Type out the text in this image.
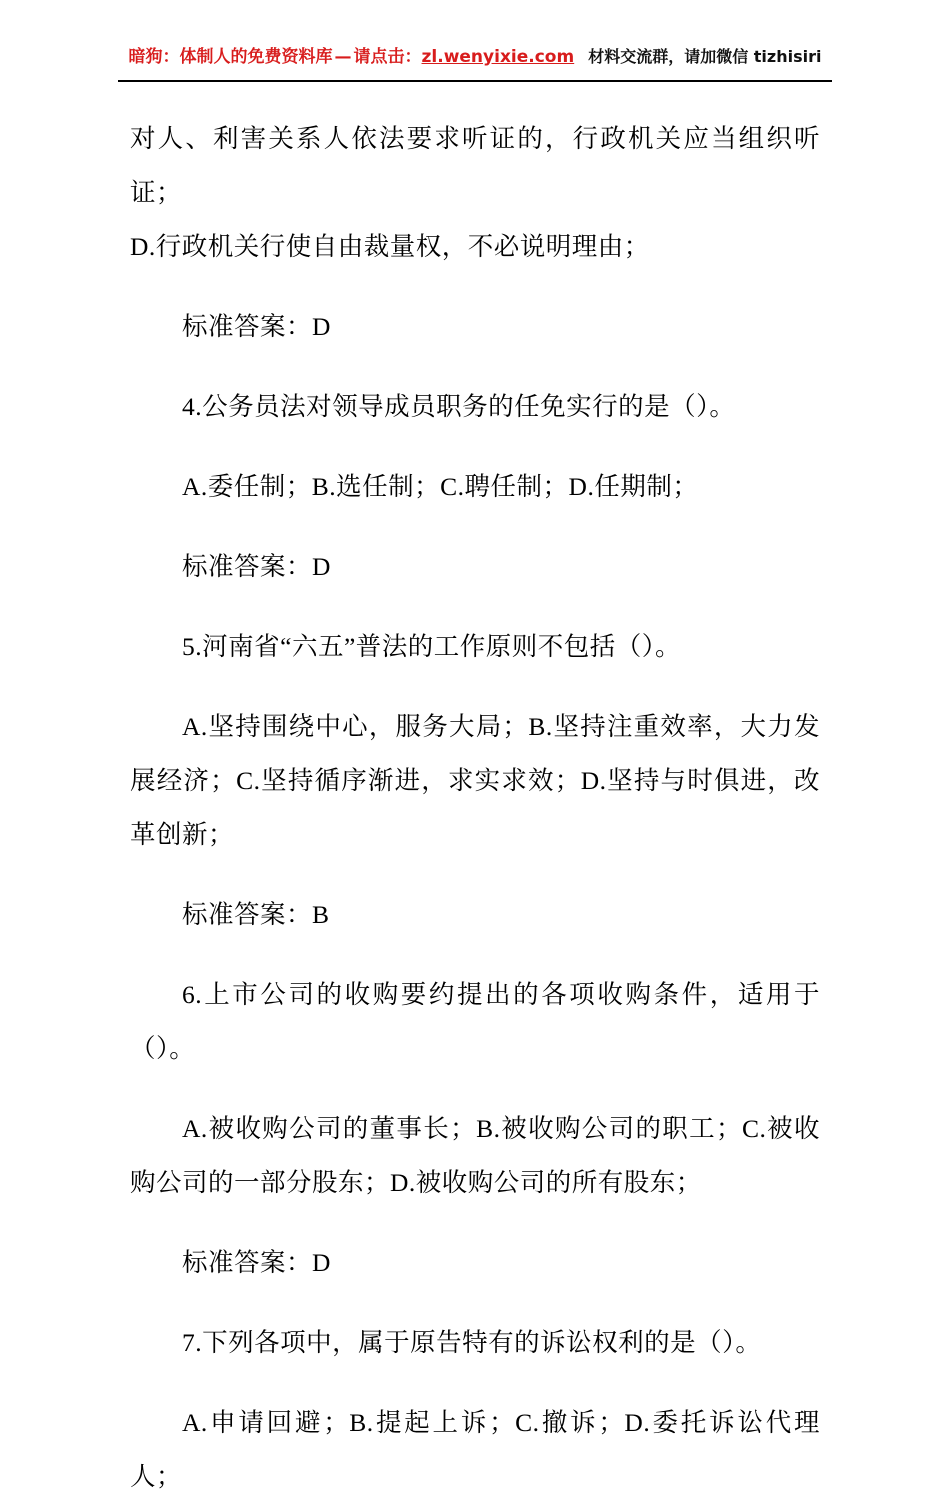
暗狗：体制人的免费资料库 — 请点击： zl.wenyixie.com 材料交流群，请加微信 tizhisiri

对人、利害关系人依法要求听证的，行政机关应当组织听证；

D.行政机关行使自由裁量权，不必说明理由；

标准答案：D

4.公务员法对领导成员职务的任免实行的是（）。

A.委任制；B.选任制；C.聘任制；D.任期制；

标准答案：D

5.河南省“六五”普法的工作原则不包括（）。

A.坚持围绕中心，服务大局；B.坚持注重效率，大力发展经济；C.坚持循序渐进，求实求效；D.坚持与时俱进，改革创新；

标准答案：B

6.上市公司的收购要约提出的各项收购条件，适用于（）。

A.被收购公司的董事长；B.被收购公司的职工；C.被收购公司的一部分股东；D.被收购公司的所有股东；

标准答案：D

7.下列各项中，属于原告特有的诉讼权利的是（）。

A.申请回避；B.提起上诉；C.撤诉；D.委托诉讼代理人；
